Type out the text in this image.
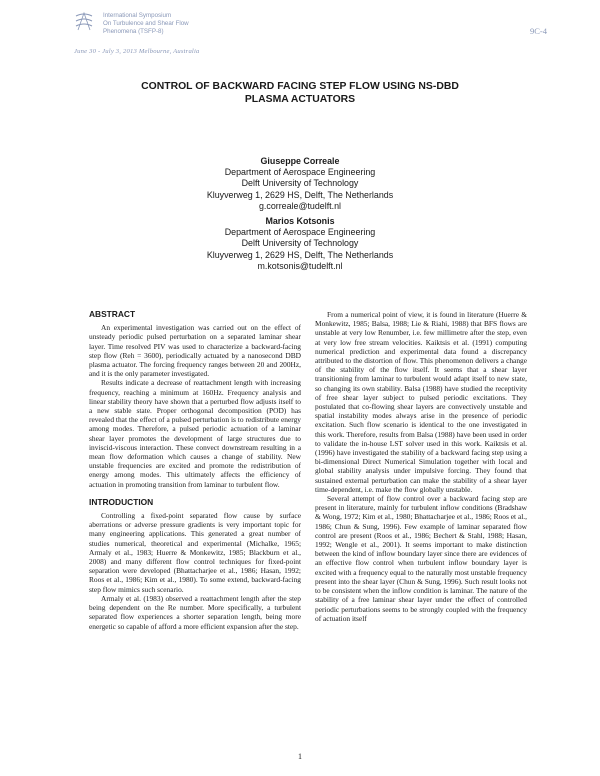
International Symposium
On Turbulence and Shear Flow
Phenomena (TSFP-8)
June 30 - July 3, 2013 Melbourne, Australia
9C-4
CONTROL OF BACKWARD FACING STEP FLOW USING NS-DBD
PLASMA ACTUATORS
Giuseppe Correale
Department of Aerospace Engineering
Delft University of Technology
Kluyverweg 1, 2629 HS, Delft, The Netherlands
g.correale@tudelft.nl
Marios Kotsonis
Department of Aerospace Engineering
Delft University of Technology
Kluyverweg 1, 2629 HS, Delft, The Netherlands
m.kotsonis@tudelft.nl
ABSTRACT

An experimental investigation was carried out on the effect of unsteady periodic pulsed perturbation on a separated laminar shear layer. Time resolved PIV was used to characterize a backward-facing step flow (Reh = 3600), periodically actuated by a nanosecond DBD plasma actuator. The forcing frequency ranges between 20 and 200Hz, and it is the only parameter investigated.

Results indicate a decrease of reattachment length with increasing frequency, reaching a minimum at 160Hz. Frequency analysis and linear stability theory have shown that a perturbed flow adjusts itself to a new stable state. Proper orthogonal decomposition (POD) has revealed that the effect of a pulsed perturbation is to redistribute energy among modes. Therefore, a pulsed periodic actuation of a laminar shear layer promotes the development of large structures due to inviscid-viscous interaction. These convect downstream resulting in a mean flow deformation which causes a change of stability. New unstable frequencies are excited and promote the redistribution of energy among modes. This ultimately affects the efficiency of actuation in promoting transition from laminar to turbulent flow.

INTRODUCTION

Controlling a fixed-point separated flow cause by surface aberrations or adverse pressure gradients is very important topic for many engineering applications. This generated a great number of studies numerical, theoretical and experimental (Michalke, 1965; Armaly et al., 1983; Huerre & Monkewitz, 1985; Blackburn et al., 2008) and many different flow control techniques for fixed-point separation were developed (Bhattacharjee et al., 1986; Hasan, 1992; Roos et al., 1986; Kim et al., 1980). To some extend, backward-facing step flow mimics such scenario.

Armaly et al. (1983) observed a reattachment length after the step being dependent on the Re number. More specifically, a turbulent separated flow experiences a shorter separation length, being more energetic so capable of afford a more efficient expansion after the step.

From a numerical point of view, it is found in literature (Huerre & Monkewitz, 1985; Balsa, 1988; Lie & Riahi, 1988) that BFS flows are unstable at very low Renumber, i.e. few millimetre after the step, even at very low free stream velocities. Kaiktsis et al. (1991) computing numerical prediction and experimental data found a discrepancy attributed to the distortion of flow. This phenomenon delivers a change of the stability of the flow itself. It seems that a shear layer transitioning from laminar to turbulent would adapt itself to new state, so changing its own stability. Balsa (1988) have studied the receptivity of free shear layer subject to pulsed periodic excitations. They postulated that co-flowing shear layers are convectively unstable and spatial instability modes always arise in the presence of periodic excitation. Such flow scenario is identical to the one investigated in this work. Therefore, results from Balsa (1988) have been used in order to validate the in-house LST solver used in this work. Kaiktsis et al. (1996) have investigated the stability of a backward facing step using a bi-dimensional Direct Numerical Simulation together with local and global stability analysis under impulsive forcing. They found that sustained external perturbation can make the stability of a shear layer time-dependent, i.e. make the flow globally unstable.

Several attempt of flow control over a backward facing step are present in literature, mainly for turbulent inflow conditions (Bradshaw & Wong, 1972; Kim et al., 1980; Bhattacharjee et al., 1986; Roos et al., 1986; Chun & Sung, 1996). Few example of laminar separated flow control are present (Roos et al., 1986; Bechert & Stahl, 1988; Hasan, 1992; Wengle et al., 2001). It seems important to make distinction between the kind of inflow boundary layer since there are evidences of an effective flow control when turbulent inflow boundary layer is excited with a frequency equal to the naturally most unstable frequency present into the shear layer (Chun & Sung, 1996). Such result looks not to be consistent when the inflow condition is laminar. The nature of the stability of a free laminar shear layer under the effect of controlled periodic perturbations seems to be strongly coupled with the frequency of actuation itself

1
